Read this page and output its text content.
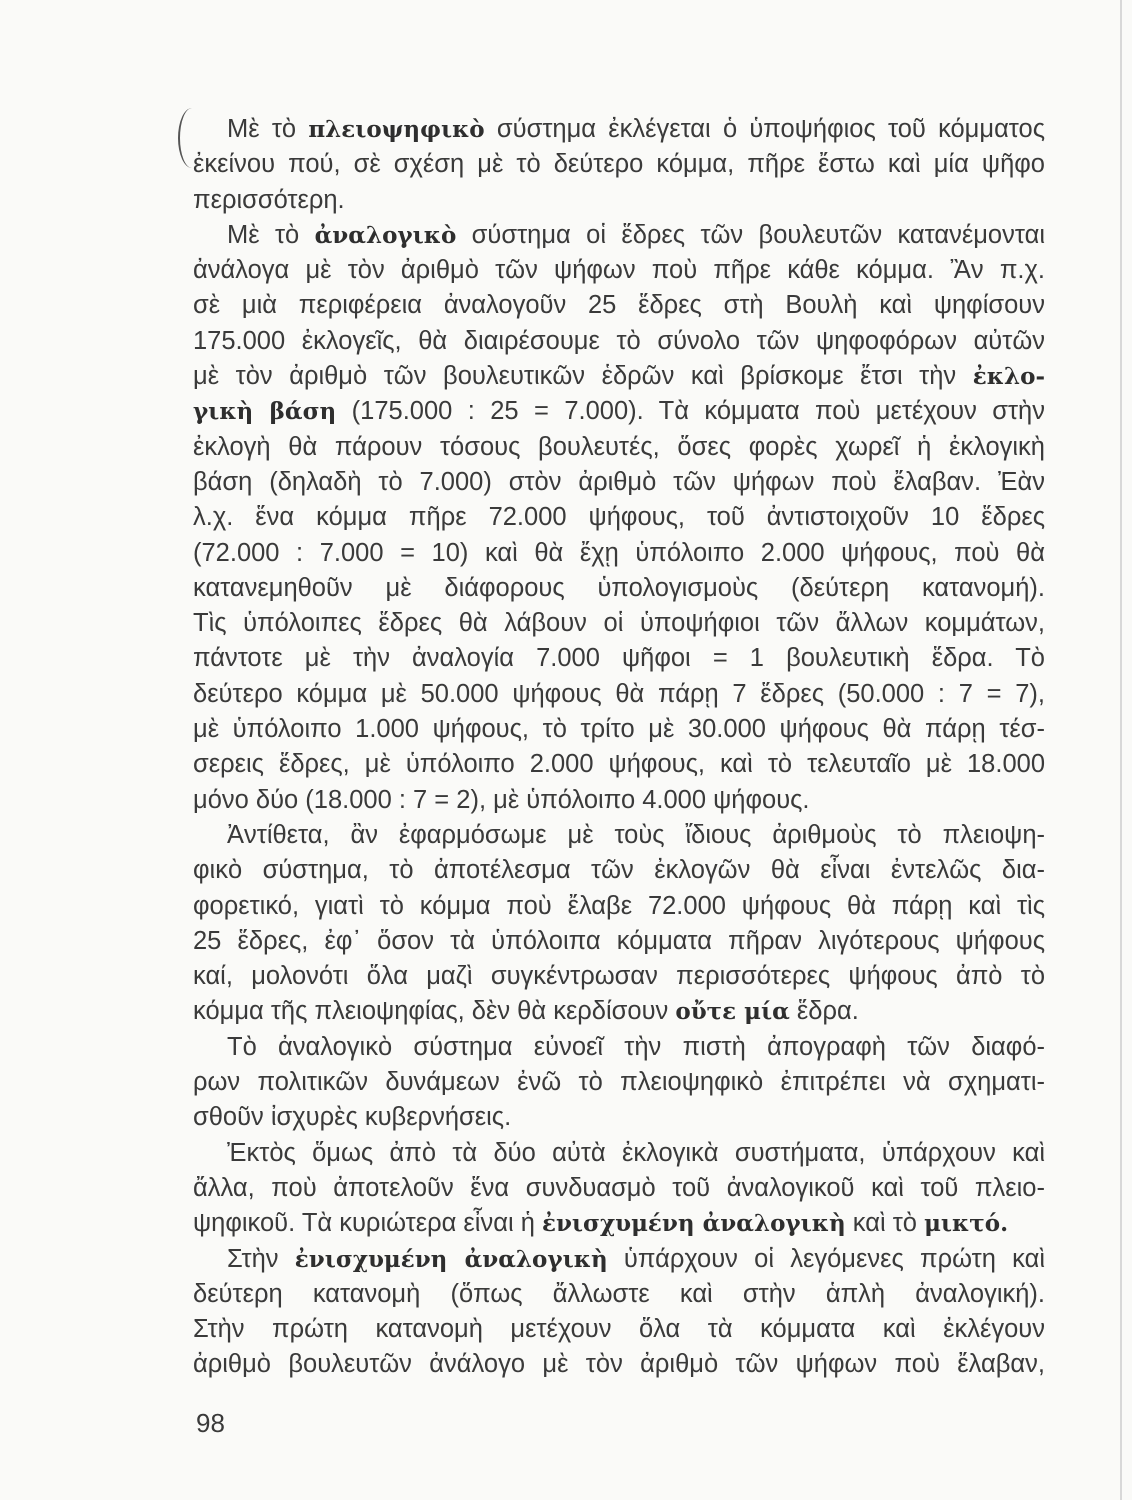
Μὲ τὸ πλειοψηφικὸ σύστημα ἐκλέγεται ὁ ὑποψήφιος τοῦ κόμματος
ἐκείνου πού, σὲ σχέση μὲ τὸ δεύτερο κόμμα, πῆρε ἔστω καὶ μία ψῆφο
περισσότερη.
Μὲ τὸ ἀναλογικὸ σύστημα οἱ ἕδρες τῶν βουλευτῶν κατανέμονται
ἀνάλογα μὲ τὸν ἀριθμὸ τῶν ψήφων ποὺ πῆρε κάθε κόμμα. Ἂν π.χ.
σὲ μιὰ περιφέρεια ἀναλογοῦν 25 ἕδρες στὴ Βουλὴ καὶ ψηφίσουν
175.000 ἐκλογεῖς, θὰ διαιρέσουμε τὸ σύνολο τῶν ψηφοφόρων αὐτῶν
μὲ τὸν ἀριθμὸ τῶν βουλευτικῶν ἑδρῶν καὶ βρίσκομε ἔτσι τὴν ἐκλο-
γικὴ βάση (175.000 : 25 = 7.000). Τὰ κόμματα ποὺ μετέχουν στὴν
ἐκλογὴ θὰ πάρουν τόσους βουλευτές, ὅσες φορὲς χωρεῖ ἡ ἐκλογικὴ
βάση (δηλαδὴ τὸ 7.000) στὸν ἀριθμὸ τῶν ψήφων ποὺ ἔλαβαν. Ἐὰν
λ.χ. ἕνα κόμμα πῆρε 72.000 ψήφους, τοῦ ἀντιστοιχοῦν 10 ἕδρες
(72.000 : 7.000 = 10) καὶ θὰ ἔχῃ ὑπόλοιπο 2.000 ψήφους, ποὺ θὰ
κατανεμηθοῦν μὲ διάφορους ὑπολογισμοὺς (δεύτερη κατανομή).
Τὶς ὑπόλοιπες ἕδρες θὰ λάβουν οἱ ὑποψήφιοι τῶν ἄλλων κομμάτων,
πάντοτε μὲ τὴν ἀναλογία 7.000 ψῆφοι = 1 βουλευτικὴ ἕδρα. Τὸ
δεύτερο κόμμα μὲ 50.000 ψήφους θὰ πάρῃ 7 ἕδρες (50.000 : 7 = 7),
μὲ ὑπόλοιπο 1.000 ψήφους, τὸ τρίτο μὲ 30.000 ψήφους θὰ πάρῃ τέσ-
σερεις ἕδρες, μὲ ὑπόλοιπο 2.000 ψήφους, καὶ τὸ τελευταῖο μὲ 18.000
μόνο δύο (18.000 : 7 = 2), μὲ ὑπόλοιπο 4.000 ψήφους.
Ἀντίθετα, ἂν ἐφαρμόσωμε μὲ τοὺς ἴδιους ἀριθμοὺς τὸ πλειοψη-
φικὸ σύστημα, τὸ ἀποτέλεσμα τῶν ἐκλογῶν θὰ εἶναι ἐντελῶς δια-
φορετικό, γιατὶ τὸ κόμμα ποὺ ἔλαβε 72.000 ψήφους θὰ πάρῃ καὶ τὶς
25 ἕδρες, ἐφ᾽ ὅσον τὰ ὑπόλοιπα κόμματα πῆραν λιγότερους ψήφους
καί, μολονότι ὅλα μαζὶ συγκέντρωσαν περισσότερες ψήφους ἀπὸ τὸ
κόμμα τῆς πλειοψηφίας, δὲν θὰ κερδίσουν οὔτε μία ἕδρα.
Τὸ ἀναλογικὸ σύστημα εὐνοεῖ τὴν πιστὴ ἀπογραφὴ τῶν διαφό-
ρων πολιτικῶν δυνάμεων ἐνῶ τὸ πλειοψηφικὸ ἐπιτρέπει νὰ σχηματι-
σθοῦν ἰσχυρὲς κυβερνήσεις.
Ἐκτὸς ὅμως ἀπὸ τὰ δύο αὐτὰ ἐκλογικὰ συστήματα, ὑπάρχουν καὶ
ἄλλα, ποὺ ἀποτελοῦν ἕνα συνδυασμὸ τοῦ ἀναλογικοῦ καὶ τοῦ πλειο-
ψηφικοῦ. Τὰ κυριώτερα εἶναι ἡ ἐνισχυμένη ἀναλογικὴ καὶ τὸ μικτό.
Στὴν ἐνισχυμένη ἀναλογικὴ ὑπάρχουν οἱ λεγόμενες πρώτη καὶ
δεύτερη κατανομὴ (ὅπως ἄλλωστε καὶ στὴν ἁπλὴ ἀναλογική).
Στὴν πρώτη κατανομὴ μετέχουν ὅλα τὰ κόμματα καὶ ἐκλέγουν
ἀριθμὸ βουλευτῶν ἀνάλογο μὲ τὸν ἀριθμὸ τῶν ψήφων ποὺ ἔλαβαν,
98
